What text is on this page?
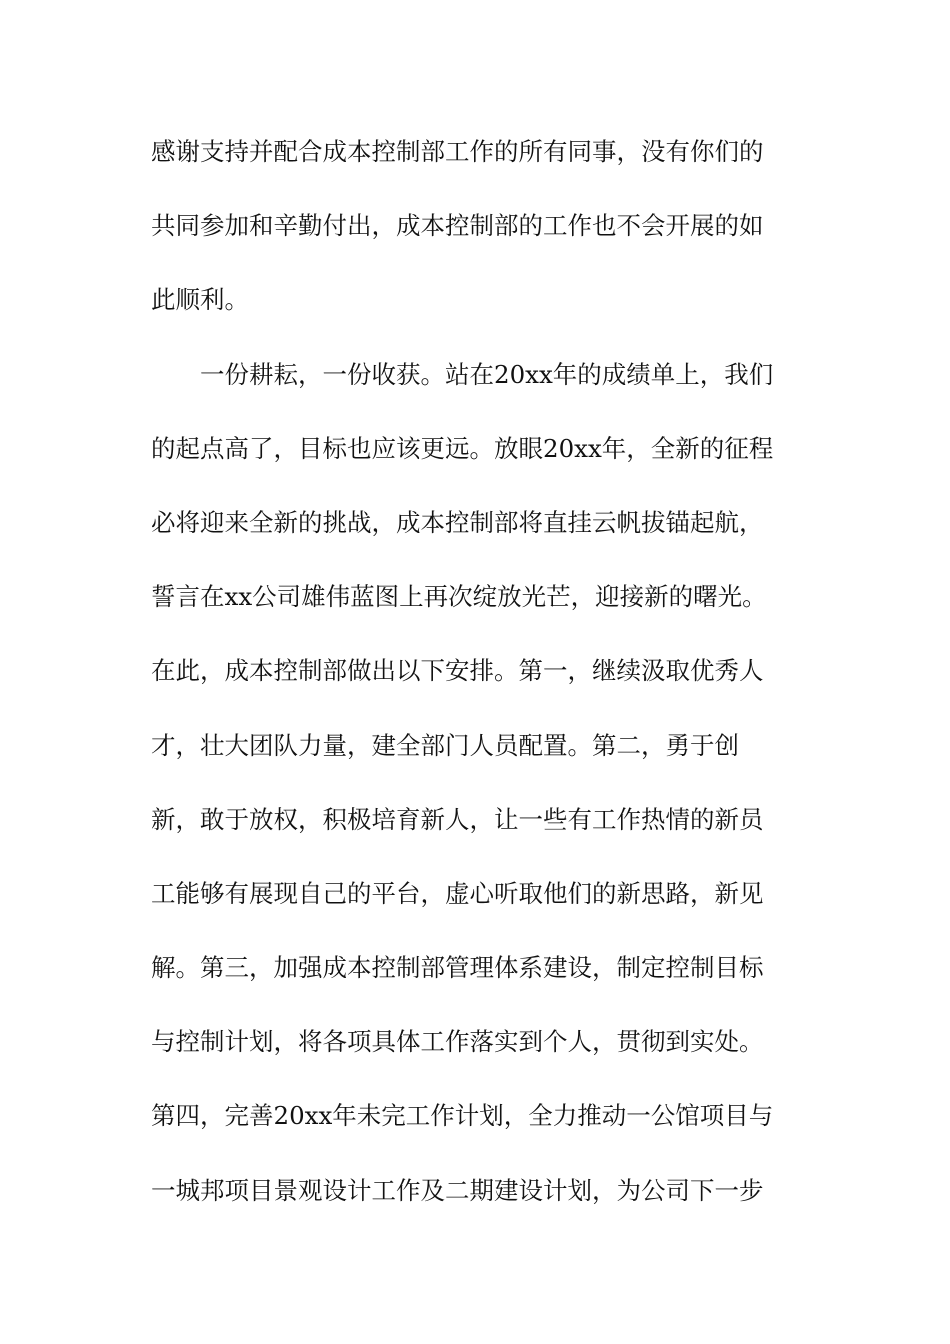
感谢支持并配合成本控制部工作的所有同事，没有你们的
共同参加和辛勤付出，成本控制部的工作也不会开展的如
此顺利。
　　一份耕耘，一份收获。站在20xx年的成绩单上，我们
的起点高了，目标也应该更远。放眼20xx年，全新的征程
必将迎来全新的挑战，成本控制部将直挂云帆拔锚起航，
誓言在xx公司雄伟蓝图上再次绽放光芒，迎接新的曙光。
在此，成本控制部做出以下安排。第一，继续汲取优秀人
才，壮大团队力量，建全部门人员配置。第二，勇于创
新，敢于放权，积极培育新人，让一些有工作热情的新员
工能够有展现自己的平台，虚心听取他们的新思路，新见
解。第三，加强成本控制部管理体系建设，制定控制目标
与控制计划，将各项具体工作落实到个人，贯彻到实处。
第四，完善20xx年未完工作计划，全力推动一公馆项目与
一城邦项目景观设计工作及二期建设计划，为公司下一步
